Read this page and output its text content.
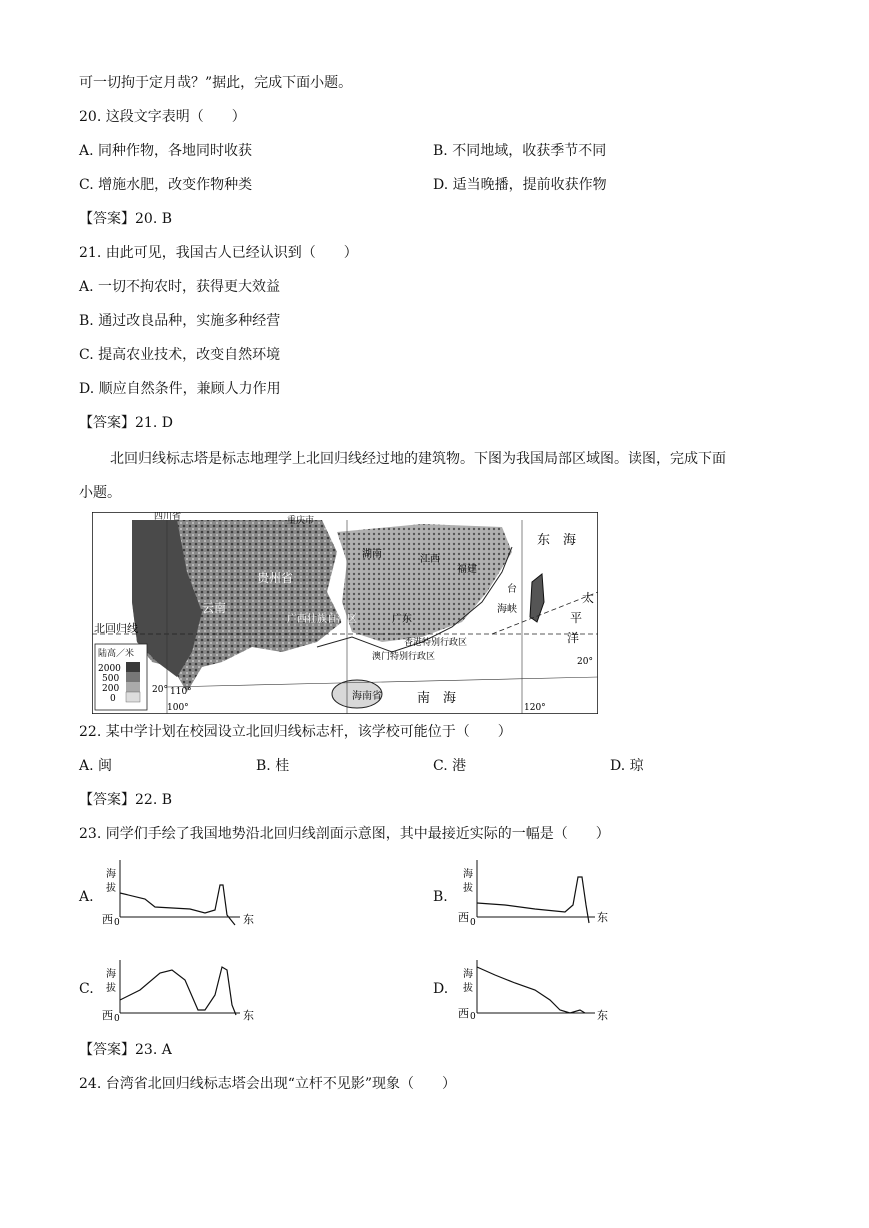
可一切拘于定月哉？”据此，完成下面小题。
20. 这段文字表明（　　）
A. 同种作物，各地同时收获	B. 不同地域，收获季节不同
C. 增施水肥，改变作物种类	D. 适当晚播，提前收获作物
【答案】20. B
21. 由此可见，我国古人已经认识到（　　）
A. 一切不拘农时，获得更大效益
B. 通过改良品种，实施多种经营
C. 提高农业技术，改变自然环境
D. 顺应自然条件，兼顾人力作用
【答案】21. D
北回归线标志塔是标志地理学上北回归线经过地的建筑物。下图为我国局部区域图。读图，完成下面
小题。
四川省	重庆市
东　海
贵州省
湖南	江西
福建
台
海峡
云南
广西壮族自治区	广东
香港特别行政区
澳门特别行政区
太
平
洋
北回归线
海南省	南　海
20°
20° 110°
100°	120°
陆高／米
2000
500
200
0
22. 某中学计划在校园设立北回归线标志杆，该学校可能位于（　　）
A. 闽	B. 桂	C. 港	D. 琼
【答案】22. B
23. 同学们手绘了我国地势沿北回归线剖面示意图，其中最接近实际的一幅是（　　）
A.
海
拔
西 0	东
B.
海
拔
西 0	东
C.
海
拔
西 0	东
D.
海
拔
西 0	东
【答案】23. A
24. 台湾省北回归线标志塔会出现“立杆不见影”现象（　　）
